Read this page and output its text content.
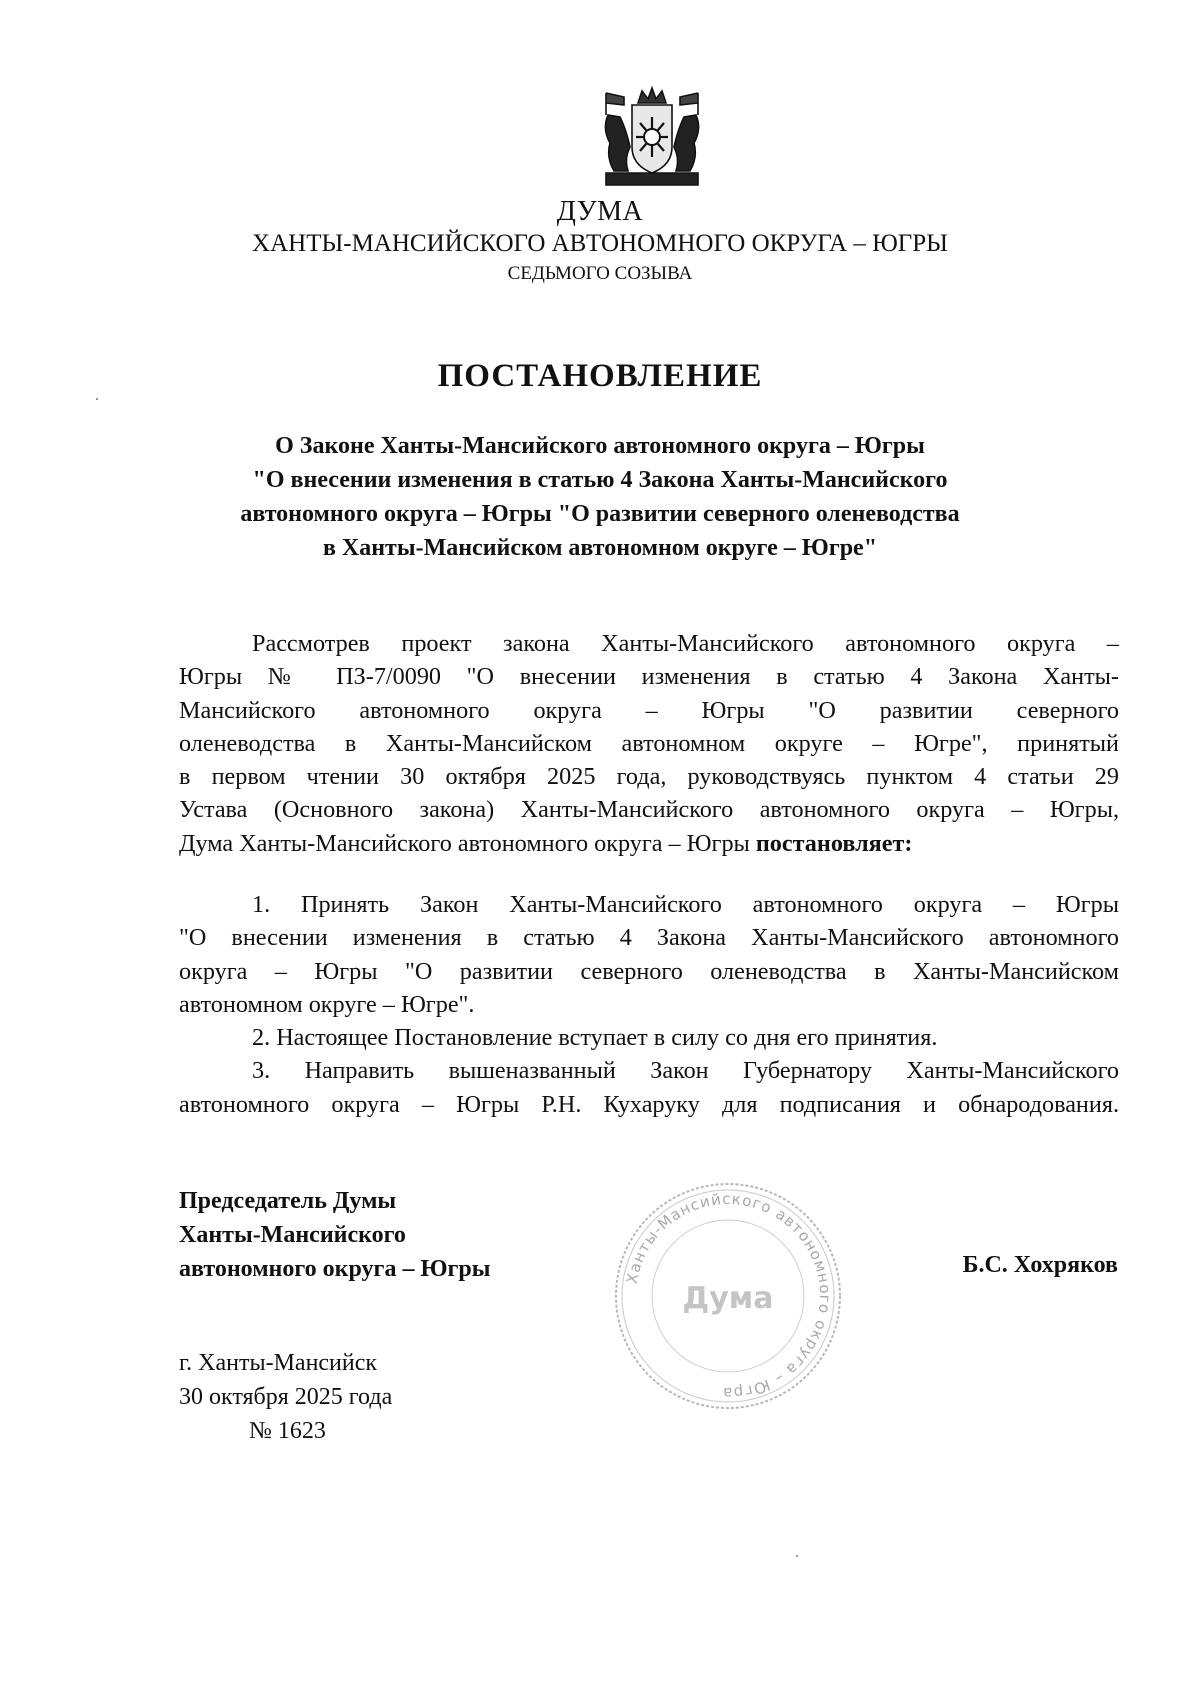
ДУМА
ХАНТЫ-МАНСИЙСКОГО АВТОНОМНОГО ОКРУГА – ЮГРЫ
СЕДЬМОГО СОЗЫВА
ПОСТАНОВЛЕНИЕ
О Законе Ханты-Мансийского автономного округа – Югры
"О внесении изменения в статью 4 Закона Ханты-Мансийского
автономного округа – Югры "О развитии северного оленеводства
в Ханты-Мансийском автономном округе – Югре"
Рассмотрев проект закона Ханты-Мансийского автономного округа –
Югры № ПЗ-7/0090 "О внесении изменения в статью 4 Закона Ханты-
Мансийского автономного округа – Югры "О развитии северного
оленеводства в Ханты-Мансийском автономном округе – Югре", принятый
в первом чтении 30 октября 2025 года, руководствуясь пунктом 4 статьи 29
Устава (Основного закона) Ханты-Мансийского автономного округа – Югры,
Дума Ханты-Мансийского автономного округа – Югры постановляет:
1. Принять Закон Ханты-Мансийского автономного округа – Югры
"О внесении изменения в статью 4 Закона Ханты-Мансийского автономного
округа – Югры "О развитии северного оленеводства в Ханты-Мансийском
автономном округе – Югре".
2. Настоящее Постановление вступает в силу со дня его принятия.
3. Направить вышеназванный Закон Губернатору Ханты-Мансийского
автономного округа – Югры Р.Н. Кухаруку для подписания и обнародования.
Председатель Думы
Ханты-Мансийского
автономного округа – Югры	Ханты-Мансийского автономного округа – Югра
Дума
Б.С. Хохряков
г. Ханты-Мансийск
30 октября 2025 года
№ 1623
